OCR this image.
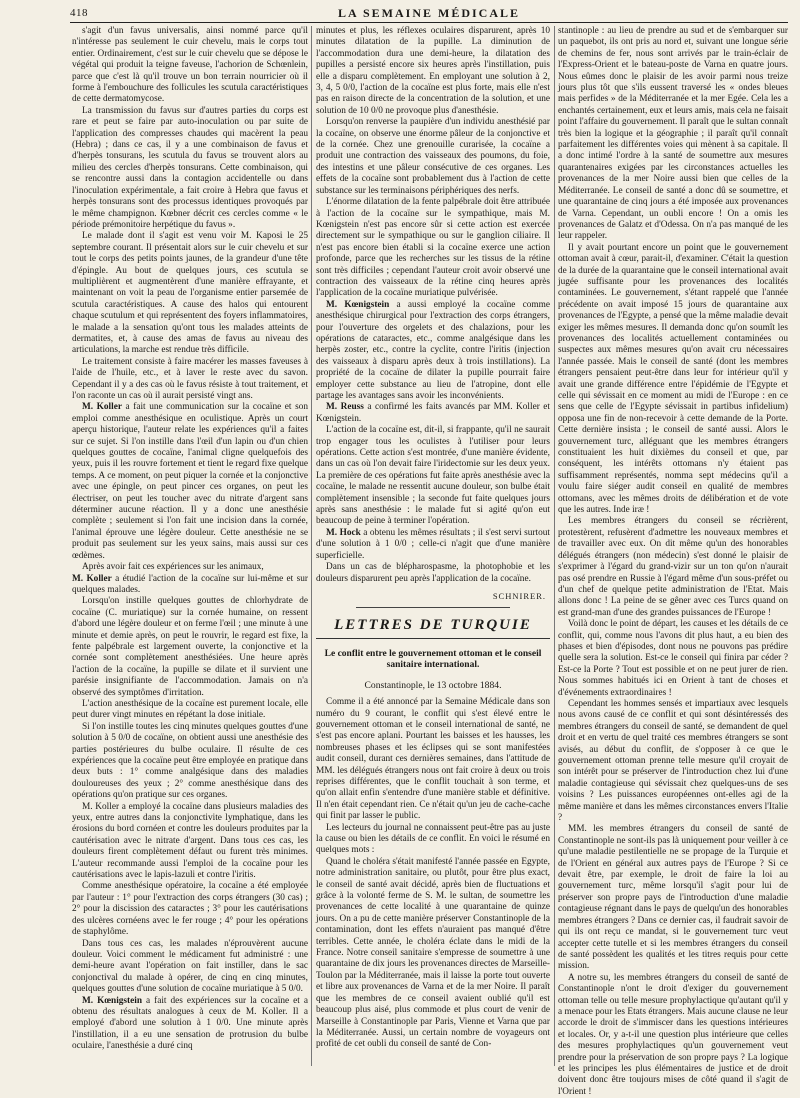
418	LA SEMAINE MÉDICALE

s'agit d'un favus universalis, ainsi nommé parce qu'il n'intéresse pas seulement le cuir chevelu, mais le corps tout entier. Ordinairement, c'est sur le cuir chevelu que se dépose le végétal qui produit la teigne faveuse, l'achorion de Schœnlein, parce que c'est là qu'il trouve un bon terrain nourricier où il forme à l'embouchure des follicules les scutula caractéristiques de cette dermatomycose.

La transmission du favus sur d'autres parties du corps est rare et peut se faire par auto-inoculation ou par suite de l'application des compresses chaudes qui macèrent la peau (Hebra) ; dans ce cas, il y a une combinaison de favus et d'herpès tonsurans, les scutula du favus se trouvent alors au milieu des cercles d'herpès tonsurans. Cette combinaison, qui se rencontre aussi dans la contagion accidentelle ou dans l'inoculation expérimentale, a fait croire à Hebra que favus et herpès tonsurans sont des processus identiques provoqués par le même champignon. Kœbner décrit ces cercles comme « le période prémonitoire herpétique du favus ».

Le malade dont il s'agit est venu voir M. Kaposi le 25 septembre courant. Il présentait alors sur le cuir chevelu et sur tout le corps des petits points jaunes, de la grandeur d'une tête d'épingle. Au bout de quelques jours, ces scutula se multiplièrent et augmentèrent d'une manière effrayante, et maintenant on voit la peau de l'organisme entier parsemée de scutula caractéristiques. A cause des halos qui entourent chaque scutulum et qui représentent des foyers inflammatoires, le malade a la sensation qu'ont tous les malades atteints de dermatites, et, à cause des amas de favus au niveau des articulations, la marche est rendue très difficile.

Le traitement consiste à faire macérer les masses faveuses à l'aide de l'huile, etc., et à laver le reste avec du savon. Cependant il y a des cas où le favus résiste à tout traitement, et l'on raconte un cas où il aurait persisté vingt ans.

M. Koller a fait une communication sur la cocaïne et son emploi comme anesthésique en oculistique. Après un court aperçu historique, l'auteur relate les expériences qu'il a faites sur ce sujet. Si l'on instille dans l'œil d'un lapin ou d'un chien quelques gouttes de cocaïne, l'animal cligne quelquefois des yeux, puis il les rouvre fortement et tient le regard fixe quelque temps. A ce moment, on peut piquer la cornée et la conjonctive avec une épingle, on peut pincer ces organes, on peut les électriser, on peut les toucher avec du nitrate d'argent sans déterminer aucune réaction. Il y a donc une anesthésie complète ; seulement si l'on fait une incision dans la cornée, l'animal éprouve une légère douleur. Cette anesthésie ne se produit pas seulement sur les yeux sains, mais aussi sur ces œdèmes.

Après avoir fait ces expériences sur les animaux,

M. Koller a étudié l'action de la cocaïne sur lui-même et sur quelques malades.

Lorsqu'on instille quelques gouttes de chlorhydrate de cocaïne (C. muriatique) sur la cornée humaine, on ressent d'abord une légère douleur et on ferme l'œil ; une minute à une minute et demie après, on peut le rouvrir, le regard est fixe, la fente palpébrale est largement ouverte, la conjonctive et la cornée sont complètement anesthésiées. Une heure après l'action de la cocaïne, la pupille se dilate et il survient une parésie insignifiante de l'accommodation. Jamais on n'a observé des symptômes d'irritation.

L'action anesthésique de la cocaïne est purement locale, elle peut durer vingt minutes en répétant la dose initiale.

Si l'on instille toutes les cinq minutes quelques gouttes d'une solution à 5 0/0 de cocaïne, on obtient aussi une anesthésie des parties postérieures du bulbe oculaire. Il résulte de ces expériences que la cocaïne peut être employée en pratique dans deux buts : 1° comme analgésique dans des maladies douloureuses des yeux ; 2° comme anesthésique dans des opérations qu'on pratique sur ces organes.

M. Koller a employé la cocaïne dans plusieurs maladies des yeux, entre autres dans la conjonctivite lymphatique, dans les érosions du bord cornéen et contre les douleurs produites par la cautérisation avec le nitrate d'argent. Dans tous ces cas, les douleurs firent complètement défaut ou furent très minimes. L'auteur recommande aussi l'emploi de la cocaïne pour les cautérisations avec le lapis-lazuli et contre l'iritis.

Comme anesthésique opératoire, la cocaïne a été employée par l'auteur : 1° pour l'extraction des corps étrangers (30 cas) ; 2° pour la discission des cataractes ; 3° pour les cautérisations des ulcères cornéens avec le fer rouge ; 4° pour les opérations de staphylôme.

Dans tous ces cas, les malades n'éprouvèrent aucune douleur. Voici comment le médicament fut administré : une demi-heure avant l'opération on fait instiller, dans le sac conjonctival du malade à opérer, de cinq en cinq minutes, quelques gouttes d'une solution de cocaïne muriatique à 5 0/0.

M. Kœnigstein a fait des expériences sur la cocaïne et a obtenu des résultats analogues à ceux de M. Koller. Il a employé d'abord une solution à 1 0/0. Une minute après l'instillation, il a eu une sensation de protrusion du bulbe oculaire, l'anesthésie a duré cinq

minutes et plus, les réflexes oculaires disparurent, après 10 minutes dilatation de la pupille. La diminution de l'accommodation dura une demi-heure, la dilatation des pupilles a persisté encore six heures après l'instillation, puis elle a disparu complètement. En employant une solution à 2, 3, 4, 5 0/0, l'action de la cocaïne est plus forte, mais elle n'est pas en raison directe de la concentration de la solution, et une solution de 10 0/0 ne provoque plus d'anesthésie.

Lorsqu'on renverse la paupière d'un individu anesthésié par la cocaïne, on observe une énorme pâleur de la conjonctive et de la cornée. Chez une grenouille curarisée, la cocaïne a produit une contraction des vaisseaux des poumons, du foie, des intestins et une pâleur consécutive de ces organes. Les effets de la cocaïne sont probablement dus à l'action de cette substance sur les terminaisons périphériques des nerfs.

L'énorme dilatation de la fente palpébrale doit être attribuée à l'action de la cocaïne sur le sympathique, mais M. Kœnigstein n'est pas encore sûr si cette action est exercée directement sur le sympathique ou sur le ganglion ciliaire. Il n'est pas encore bien établi si la cocaïne exerce une action profonde, parce que les recherches sur les tissus de la rétine sont très difficiles ; cependant l'auteur croit avoir observé une contraction des vaisseaux de la rétine cinq heures après l'application de la cocaïne muriatique pulvérisée.

M. Kœnigstein a aussi employé la cocaïne comme anesthésique chirurgical pour l'extraction des corps étrangers, pour l'ouverture des orgelets et des chalazions, pour les opérations de cataractes, etc., comme analgésique dans les herpès zoster, etc., contre la cyclite, contre l'iritis (injection des vaisseaux à disparu après deux à trois instillations). La propriété de la cocaïne de dilater la pupille pourrait faire employer cette substance au lieu de l'atropine, dont elle partage les avantages sans avoir les inconvénients.

M. Reuss a confirmé les faits avancés par MM. Koller et Kœnigstein.

L'action de la cocaïne est, dit-il, si frappante, qu'il ne saurait trop engager tous les oculistes à l'utiliser pour leurs opérations. Cette action s'est montrée, d'une manière évidente, dans un cas où l'on devait faire l'iridectomie sur les deux yeux. La première de ces opérations fut faite après anesthésie avec la cocaïne, le malade ne ressentit aucune douleur, son bulbe était complètement insensible ; la seconde fut faite quelques jours après sans anesthésie : le malade fut si agité qu'on eut beaucoup de peine à terminer l'opération.

M. Hock a obtenu les mêmes résultats ; il s'est servi surtout d'une solution à 1 0/0 ; celle-ci n'agit que d'une manière superficielle.

Dans un cas de blépharospasme, la photophobie et les douleurs disparurent peu après l'application de la cocaïne.

SCHNIRER.
LETTRES DE TURQUIE
Le conflit entre le gouvernement ottoman et le conseil sanitaire international.
Constantinople, le 13 octobre 1884.

Comme il a été annoncé par la Semaine Médicale dans son numéro du 9 courant, le conflit qui s'est élevé entre le gouvernement ottoman et le conseil international de santé, ne s'est pas encore aplani. Pourtant les baisses et les hausses, les nombreuses phases et les éclipses qui se sont manifestées audit conseil, durant ces dernières semaines, dans l'attitude de MM. les délégués étrangers nous ont fait croire à deux ou trois reprises différentes, que le conflit touchait à son terme, et qu'on allait enfin s'entendre d'une manière stable et définitive. Il n'en était cependant rien. Ce n'était qu'un jeu de cache-cache qui finit par lasser le public.

Les lecteurs du journal ne connaissent peut-être pas au juste la cause ou bien les détails de ce conflit. En voici le résumé en quelques mots :

Quand le choléra s'était manifesté l'année passée en Egypte, notre administration sanitaire, ou plutôt, pour être plus exact, le conseil de santé avait décidé, après bien de fluctuations et grâce à la volonté ferme de S. M. le sultan, de soumettre les provenances de cette localité à une quarantaine de quinze jours. On a pu de cette manière préserver Constantinople de la contamination, dont les effets n'auraient pas manqué d'être terribles. Cette année, le choléra éclate dans le midi de la France. Notre conseil sanitaire s'empresse de soumettre à une quarantaine de dix jours les provenances directes de Marseille-Toulon par la Méditerranée, mais il laisse la porte tout ouverte et libre aux provenances de Varna et de la mer Noire. Il paraît que les membres de ce conseil avaient oublié qu'il est beaucoup plus aisé, plus commode et plus court de venir de Marseille à Constantinople par Paris, Vienne et Varna que par la Méditerranée. Aussi, un certain nombre de voyageurs ont profité de cet oubli du conseil de santé de Con-

stantinople : au lieu de prendre au sud et de s'embarquer sur un paquebot, ils ont pris au nord et, suivant une longue série de chemins de fer, nous sont arrivés par le train-éclair de l'Express-Orient et le bateau-poste de Varna en quatre jours. Nous eûmes donc le plaisir de les avoir parmi nous treize jours plus tôt que s'ils eussent traversé les « ondes bleues mais perfides » de la Méditerranée et la mer Egée. Cela les a enchantés certainement, eux et leurs amis, mais cela ne faisait point l'affaire du gouvernement. Il paraît que le sultan connaît très bien la logique et la géographie ; il paraît qu'il connaît parfaitement les différentes voies qui mènent à sa capitale. Il a donc intimé l'ordre à la santé de soumettre aux mesures quarantenaires exigées par les circonstances actuelles les provenances de la mer Noire aussi bien que celles de la Méditerranée. Le conseil de santé a donc dû se soumettre, et une quarantaine de cinq jours a été imposée aux provenances de Varna. Cependant, un oubli encore ! On a omis les provenances de Galatz et d'Odessa. On n'a pas manqué de les leur rappeler.

Il y avait pourtant encore un point que le gouvernement ottoman avait à cœur, parait-il, d'examiner. C'était la question de la durée de la quarantaine que le conseil international avait jugée suffisante pour les provenances des localités contaminées. Le gouvernement, s'étant rappelé que l'année précédente on avait imposé 15 jours de quarantaine aux provenances de l'Egypte, a pensé que la même maladie devait exiger les mêmes mesures. Il demanda donc qu'on soumît les provenances des localités actuellement contaminées ou suspectes aux mêmes mesures qu'on avait cru nécessaires l'année passée. Mais le conseil de santé (dont les membres étrangers pensaient peut-être dans leur for intérieur qu'il y avait une grande différence entre l'épidémie de l'Egypte et celle qui sévissait en ce moment au midi de l'Europe : en ce sens que celle de l'Egypte sévissait in partibus infidelium) opposa une fin de non-recevoir à cette demande de la Porte. Cette dernière insista ; le conseil de santé aussi. Alors le gouvernement turc, alléguant que les membres étrangers constituaient les huit dixièmes du conseil et que, par conséquent, les intérêts ottomans n'y étaient pas suffisamment représentés, nomma sept médecins qu'il a voulu faire siéger audit conseil en qualité de membres ottomans, avec les mêmes droits de délibération et de vote que les autres. Inde iræ !

Les membres étrangers du conseil se récrièrent, protestèrent, refusèrent d'admettre les nouveaux membres et de travailler avec eux. On dit même qu'un des honorables délégués étrangers (non médecin) s'est donné le plaisir de s'exprimer à l'égard du grand-vizir sur un ton qu'on n'aurait pas osé prendre en Russie à l'égard même d'un sous-préfet ou d'un chef de quelque petite administration de l'Etat. Mais allons donc ! La peine de se gêner avec ces Turcs quand on est grand-man d'une des grandes puissances de l'Europe !

Voilà donc le point de départ, les causes et les détails de ce conflit, qui, comme nous l'avons dit plus haut, a eu bien des phases et bien d'épisodes, dont nous ne pouvons pas prédire quelle sera la solution. Est-ce le conseil qui finira par céder ? Est-ce la Porte ? Tout est possible et on ne peut jurer de rien. Nous sommes habitués ici en Orient à tant de choses et d'événements extraordinaires !

Cependant les hommes sensés et impartiaux avec lesquels nous avons causé de ce conflit et qui sont désintéressés des membres étrangers du conseil de santé, se demandent de quel droit et en vertu de quel traité ces membres étrangers se sont avisés, au début du conflit, de s'opposer à ce que le gouvernement ottoman prenne telle mesure qu'il croyait de son intérêt pour se préserver de l'introduction chez lui d'une maladie contagieuse qui sévissait chez quelques-uns de ses voisins ? Les puissances européennes ont-elles agi de la même manière et dans les mêmes circonstances envers l'Italie ?

MM. les membres étrangers du conseil de santé de Constantinople ne sont-ils pas là uniquement pour veiller à ce qu'une maladie pestilentielle ne se propage de la Turquie et de l'Orient en général aux autres pays de l'Europe ? Si ce devait être, par exemple, le droit de faire la loi au gouvernement turc, même lorsqu'il s'agit pour lui de préserver son propre pays de l'introduction d'une maladie contagieuse régnant dans le pays de quelqu'un des honorables membres étrangers ? Dans ce dernier cas, il faudrait savoir de qui ils ont reçu ce mandat, si le gouvernement turc veut accepter cette tutelle et si les membres étrangers du conseil de santé possèdent les qualités et les titres requis pour cette mission.

A notre su, les membres étrangers du conseil de santé de Constantinople n'ont le droit d'exiger du gouvernement ottoman telle ou telle mesure prophylactique qu'autant qu'il y a menace pour les Etats étrangers. Mais aucune clause ne leur accorde le droit de s'immiscer dans les questions intérieures et locales. Or, y a-t-il une question plus intérieure que celles des mesures prophylactiques qu'un gouvernement veut prendre pour la préservation de son propre pays ? La logique et les principes les plus élémentaires de justice et de droit doivent donc être toujours mises de côté quand il s'agit de l'Orient !
